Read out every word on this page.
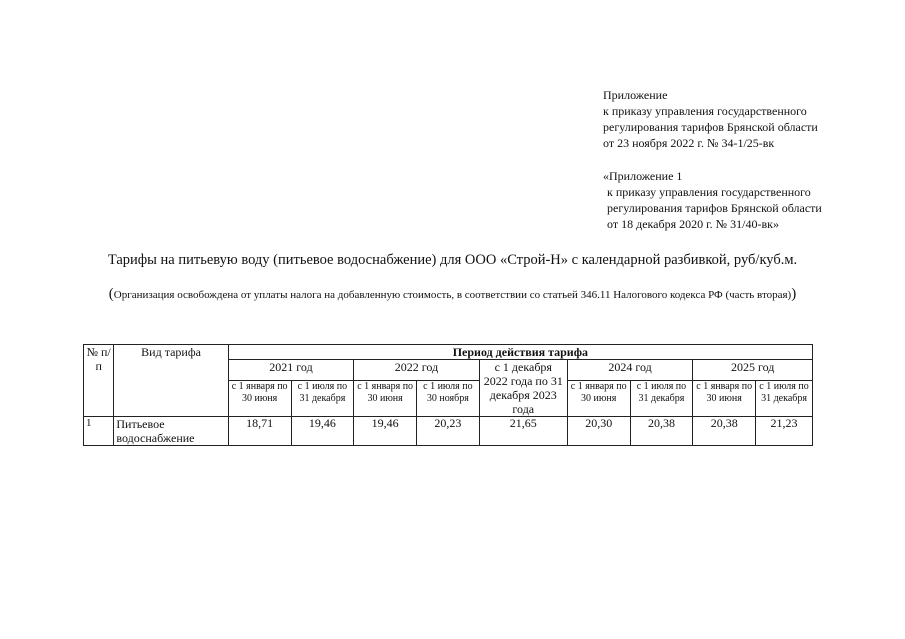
Приложение
к приказу управления государственного
регулирования тарифов Брянской области
от 23 ноября 2022 г. № 34-1/25-вк
«Приложение 1
к приказу управления государственного
регулирования тарифов Брянской области
от 18 декабря 2020 г. № 31/40-вк»
Тарифы на питьевую воду (питьевое водоснабжение) для ООО «Строй-Н» с календарной разбивкой, руб/куб.м.
(Организация освобождена от уплаты налога на добавленную стоимость, в соответствии со статьей 346.11 Налогового кодекса РФ (часть вторая))
№ п/п	Вид тарифа	Период действия тарифа								
		2021 год		2022 год		с 1 декабря 2022 года по 31 декабря 2023 года	2024 год		2025 год	
		с 1 января по 30 июня	с 1 июля по 31 декабря	с 1 января по 30 июня	с 1 июля по 30 ноября		с 1 января по 30 июня	с 1 июля по 31 декабря	с 1 января по 30 июня	с 1 июля по 31 декабря
1	Питьевое водоснабжение	18,71	19,46	19,46	20,23	21,65	20,30	20,38	20,38	21,23
